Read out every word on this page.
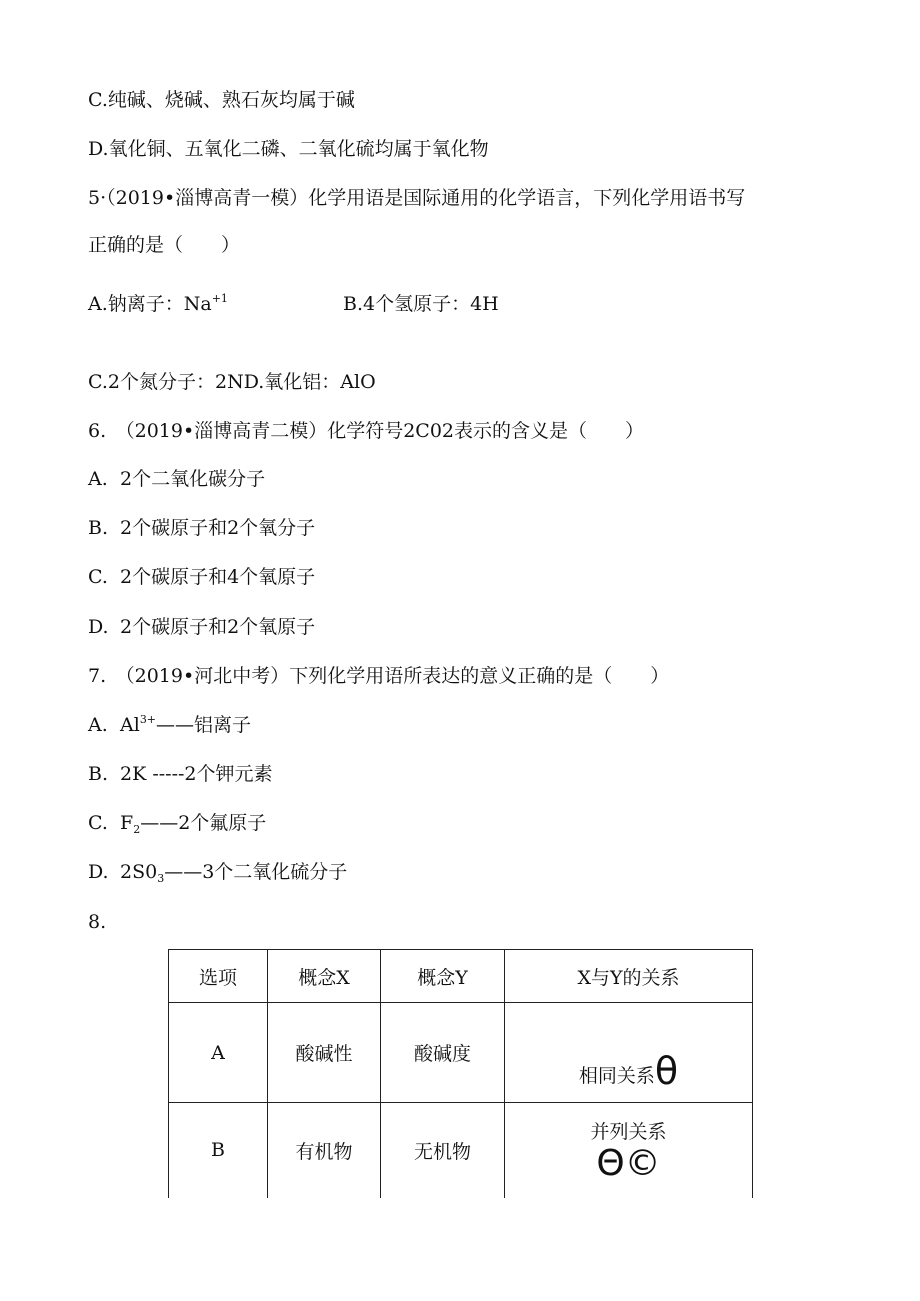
C.纯碱、烧碱、熟石灰均属于碱
D.氧化铜、五氧化二磷、二氧化硫均属于氧化物
5·（2019•淄博高青一模）化学用语是国际通用的化学语言，下列化学用语书写
正确的是（　　）
A.钠离子：$Na^{+1}$	B.4个氢原子：4H
C.2个氮分子：2ND.氧化铝：AlO
6.　（2019•淄博高青二模）化学符号2C02表示的含义是（　　）
A. 2个二氧化碳分子
B. 2个碳原子和2个氧分子
C. 2个碳原子和4个氧原子
D. 2个碳原子和2个氧原子
7.　（2019•河北中考）下列化学用语所表达的意义正确的是（　　）
A. $Al^{3+}——$铝离子
B. 2K -----2个钾元素
C. $F_2——2$个氟原子
D. $2S0_3——3$个二氧化硫分子
8.
选项	概念X	概念Y	X与Y的关系
A	酸碱性	酸碱度	相同关系θ

B	有机物	无机物	并列关系
Θ©
